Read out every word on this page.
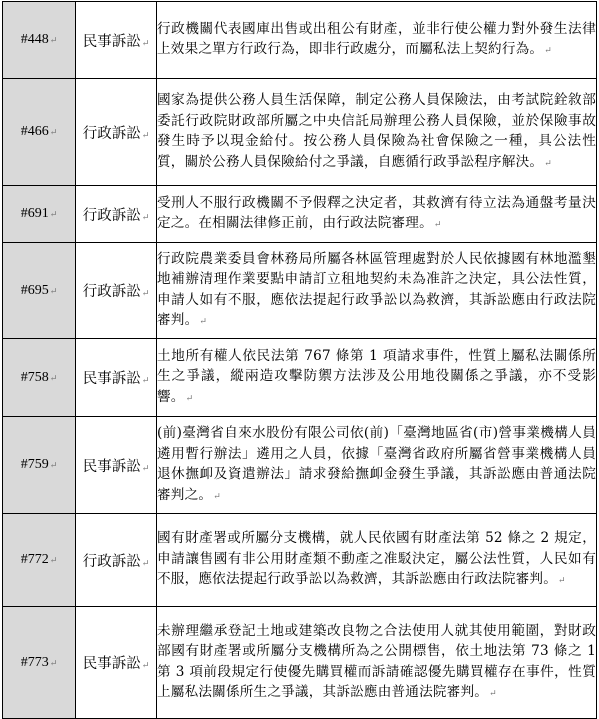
#448↵	民事訴訟↵	行政機關代表國庫出售或出租公有財產，並非行使公權力對外發生法律上效果之單方行政行為，即非行政處分，而屬私法上契約行為。↵
#466↵	行政訴訟↵	國家為提供公務人員生活保障，制定公務人員保險法，由考試院銓敘部委託行政院財政部所屬之中央信託局辦理公務人員保險，並於保險事故發生時予以現金給付。按公務人員保險為社會保險之一種，具公法性質，關於公務人員保險給付之爭議，自應循行政爭訟程序解決。↵
#691↵	行政訴訟↵	受刑人不服行政機關不予假釋之決定者，其救濟有待立法為通盤考量決定之。在相關法律修正前，由行政法院審理。↵
#695↵	行政訴訟↵	行政院農業委員會林務局所屬各林區管理處對於人民依據國有林地濫墾地補辦清理作業要點申請訂立租地契約未為准許之決定，具公法性質，申請人如有不服，應依法提起行政爭訟以為救濟，其訴訟應由行政法院審判。↵
#758↵	民事訴訟↵	土地所有權人依民法第 767 條第 1 項請求事件，性質上屬私法關係所生之爭議，縱兩造攻擊防禦方法涉及公用地役關係之爭議，亦不受影響。↵
#759↵	民事訴訟↵	(前)臺灣省自來水股份有限公司依(前)「臺灣地區省(市)營事業機構人員遴用暫行辦法」遴用之人員，依據「臺灣省政府所屬省營事業機構人員退休撫卹及資遣辦法」請求發給撫卹金發生爭議，其訴訟應由普通法院審判之。↵
#772↵	行政訴訟↵	國有財產署或所屬分支機構，就人民依國有財產法第 52 條之 2 規定，申請讓售國有非公用財產類不動產之准駁決定，屬公法性質，人民如有不服，應依法提起行政爭訟以為救濟，其訴訟應由行政法院審判。↵
#773↵	民事訴訟↵	未辦理繼承登記土地或建築改良物之合法使用人就其使用範圍，對財政部國有財產署或所屬分支機構所為之公開標售，依土地法第 73 條之 1 第 3 項前段規定行使優先購買權而訴請確認優先購買權存在事件，性質上屬私法關係所生之爭議，其訴訟應由普通法院審判。↵
